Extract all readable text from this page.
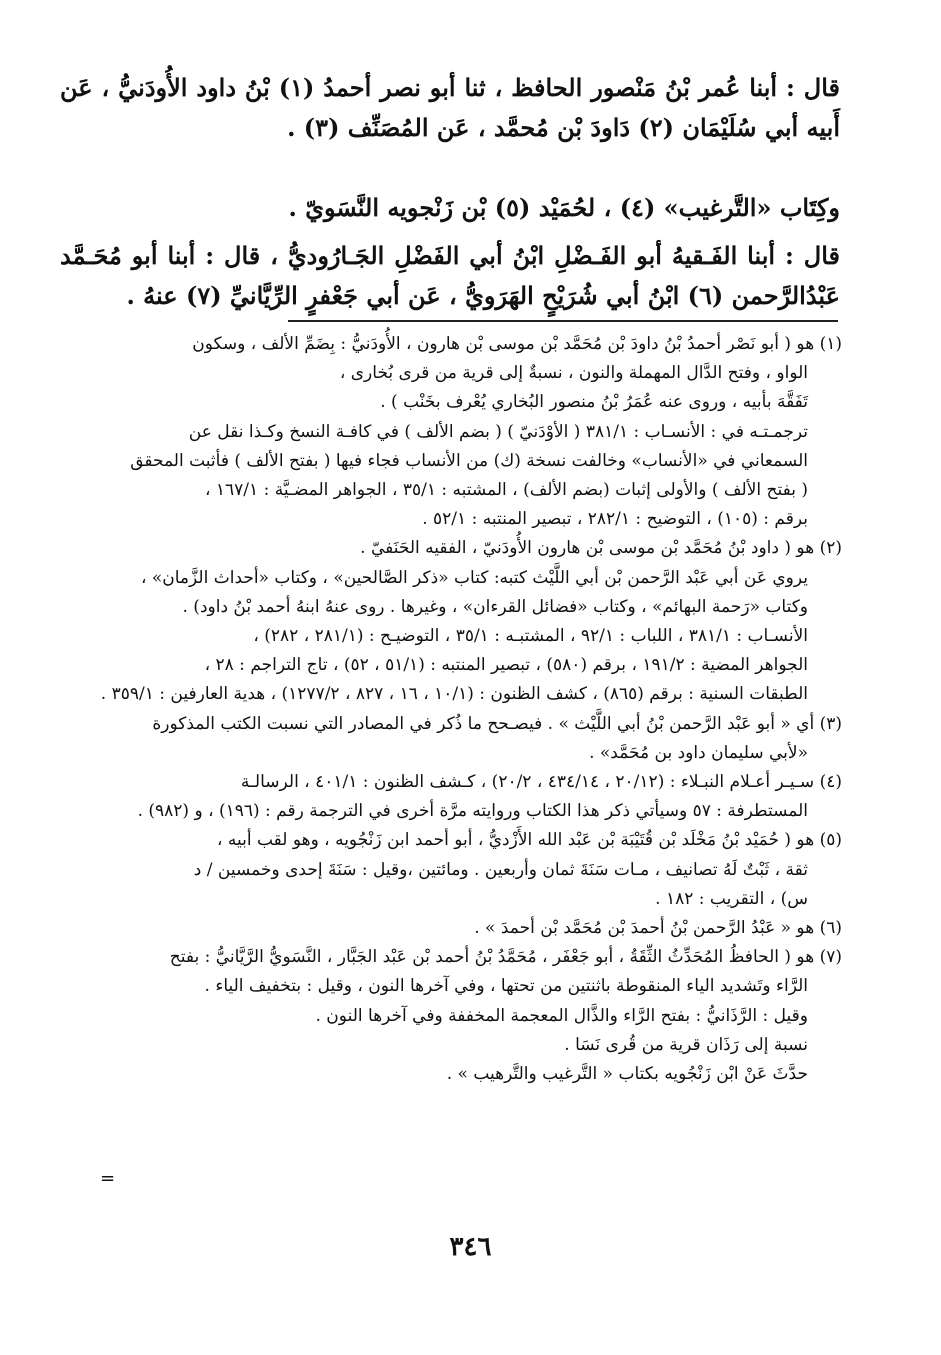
قال : أبنا عُمر بْنُ مَنْصور الحافظ ، ثنا أبو نصر أحمدُ (١) بْنُ داود الأُودَنيُّ ، عَن أَبيه أبي سُلَيْمَان (٢) دَاودَ بْن مُحمَّد ، عَن المُصَنِّف (٣) .

وكِتَاب «التَّرغيب» (٤) ، لحُمَيْد (٥) بْن زَنْجويه النَّسَويّ .

قال : أبنا الفَـقيهُ أبو الفَـضْلِ ابْنُ أبي الفَضْلِ الجَـارُوديُّ ، قال : أبنا أبو مُحَـمَّد عَبْدُالرَّحمن (٦) ابْنُ أبي شُرَيْحٍ الهَرَويُّ ، عَن أبي جَعْفرٍ الرِّيَّانيِّ (٧) عنهُ .

(١) هو ( أبو نَصْر أحمدُ بْنُ داودَ بْن مُحَمَّد بْن موسى بْن هارون ، الأُودَنيُّ : بِضَمِّ الألف ، وسكون

الواو ، وفتح الدَّال المهملة والنون ، نسبةٌ إلى قرية من قرى بُخارى ،

تَفَقَّهَ بأبيه ، وروى عنه عُمَرُ بْنُ منصور البُخاري يُعْرف بخَنْب ) .

ترجمـتـه في : الأنسـاب : ٣٨١/١ ( الأوْدَنيّ ) ( بضم الألف ) في كافـة النسخ وكـذا نقل عن

السمعاني في «الأنساب» وخالفت نسخة (ك) من الأنساب فجاء فيها ( بفتح الألف ) فأثبت المحقق

( بفتح الألف ) والأولى إثبات (بضم الألف) ، المشتبه : ٣٥/١ ، الجواهر المضـيَّة : ١٦٧/١ ،

برقم : (١٠٥) ، التوضيح : ٢٨٢/١ ، تبصير المنتبه : ٥٢/١ .

(٢) هو ( داود بْنُ مُحَمَّد بْن موسى بْن هارون الأُودَنيّ ، الفقيه الحَنَفيّ .

يروي عَن أبي عَبْد الرَّحمن بْن أبي اللَّيْث كتبه: كتاب «ذكر الصَّالحين» ، وكتاب «أحداث الزَّمان» ،

وكتاب «رَحمة البهائم» ، وكتاب «فضائل القرءان» ، وغيرها . روى عنهُ ابنهُ أحمد بْنُ داود) .

الأنسـاب : ٣٨١/١ ، اللباب : ٩٢/١ ، المشتبـه : ٣٥/١ ، التوضيـح : (٢٨١/١ ، ٢٨٢) ،

الجواهر المضية : ١٩١/٢ ، برقم (٥٨٠) ، تبصير المنتبه : (٥١/١ ، ٥٢) ، تاج التراجم : ٢٨ ،

الطبقات السنية : برقم (٨٦٥) ، كشف الظنون : (١٠/١ ، ١٦ ، ٨٢٧ ، ١٢٧٧/٢) ، هدية العارفين : ٣٥٩/١ .

(٣) أي « أبو عَبْد الرَّحمن بْنُ أبي اللَّيْث » . فيصـحح ما ذُكر في المصادر التي نسبت الكتب المذكورة

«لأبي سليمان داود بن مُحَمَّد» .

(٤) سـيـر أعـلام النبـلاء : (٢٠/١٢ ، ٤٣٤/١٤ ، ٢٠/٢) ، كـشف الظنون : ٤٠١/١ ، الرسالـة

المستطرفة : ٥٧ وسيأتي ذكر هذا الكتاب وروايته مرَّة أخرى في الترجمة رقم : (١٩٦) ، و (٩٨٢) .

(٥) هو ( حُمَيْد بْنُ مَخْلَد بْن قُتَيْبَة بْن عَبْد الله الأَزْديُّ ، أبو أحمد ابن زَنْجُويه ، وهو لقب أبيه ،

ثقة ، ثَبْتٌ لَهُ تصانيف ، مـات سَنَةَ ثمان وأربعين . ومائتين ،وقيل : سَنَةَ إحدى وخمسين / د

س) ، التقريب : ١٨٢ .

(٦) هو « عَبْدُ الرَّحمن بْنُ أحمدَ بْن مُحَمَّد بْن أحمدَ » .

(٧) هو ( الحافظُ المُحَدِّثُ الثِّقَةُ ، أبو جَعْفَر ، مُحَمَّدُ بْنُ أحمد بْن عَبْد الجَبَّار ، النَّسَويُّ الرَّيَّانيُّ : بفتح

الرَّاء وتَشديد الياء المنقوطة باثنتين من تحتها ، وفي آخرها النون ، وقيل : بتخفيف الياء .

وقيل : الرَّذَانيُّ : بفتح الرَّاء والذَّال المعجمة المخففة وفي آخرها النون .

نسبة إلى رَذَان قرية من قُرى نَسَا .

حدَّثَ عَنْ ابْن زَنْجُويه بكتاب « التَّرغيب والتَّرهيب » .

=
٣٤٦
